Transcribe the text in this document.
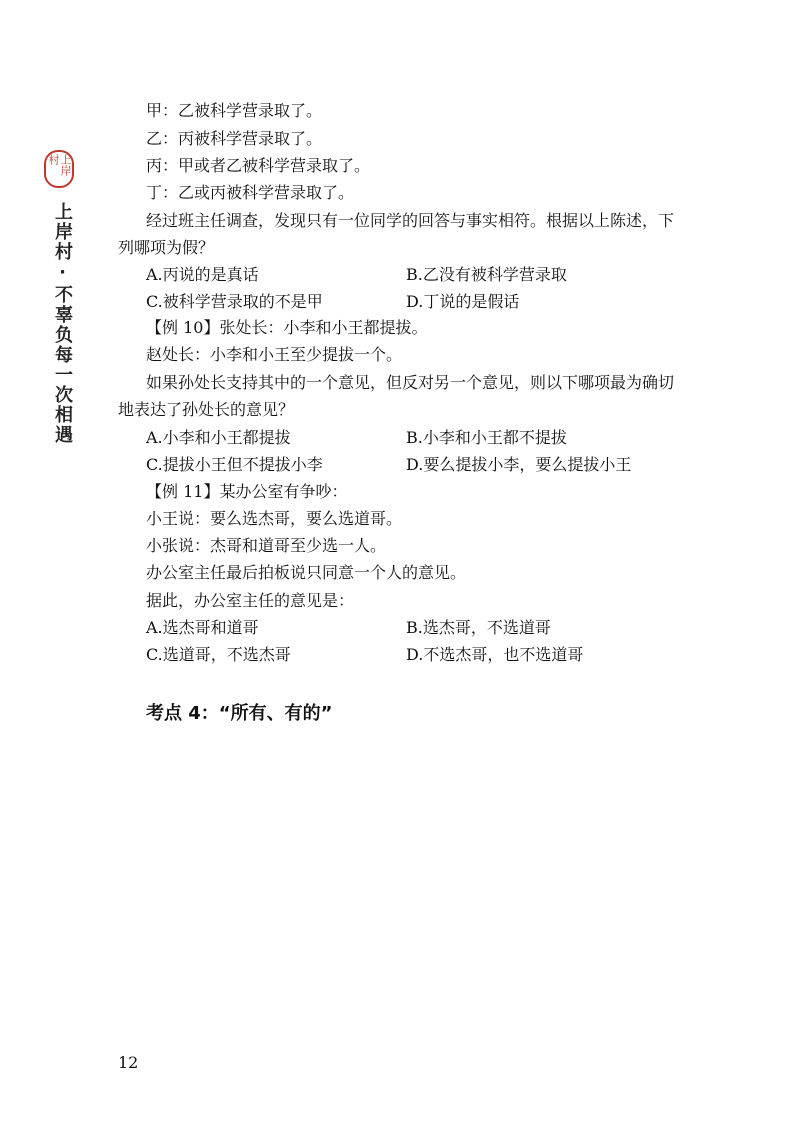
上岸村
上岸村·不辜负每一次相遇
甲：乙被科学营录取了。
乙：丙被科学营录取了。
丙：甲或者乙被科学营录取了。
丁：乙或丙被科学营录取了。
经过班主任调查，发现只有一位同学的回答与事实相符。根据以上陈述，下
列哪项为假？
A.丙说的是真话	B.乙没有被科学营录取
C.被科学营录取的不是甲	D.丁说的是假话
【例 10】张处长：小李和小王都提拔。
赵处长：小李和小王至少提拔一个。
如果孙处长支持其中的一个意见，但反对另一个意见，则以下哪项最为确切
地表达了孙处长的意见？
A.小李和小王都提拔	B.小李和小王都不提拔
C.提拔小王但不提拔小李	D.要么提拔小李，要么提拔小王
【例 11】某办公室有争吵：
小王说：要么选杰哥，要么选道哥。
小张说：杰哥和道哥至少选一人。
办公室主任最后拍板说只同意一个人的意见。
据此，办公室主任的意见是：
A.选杰哥和道哥	B.选杰哥，不选道哥
C.选道哥，不选杰哥	D.不选杰哥，也不选道哥
考点 4：“所有、有的”
12
